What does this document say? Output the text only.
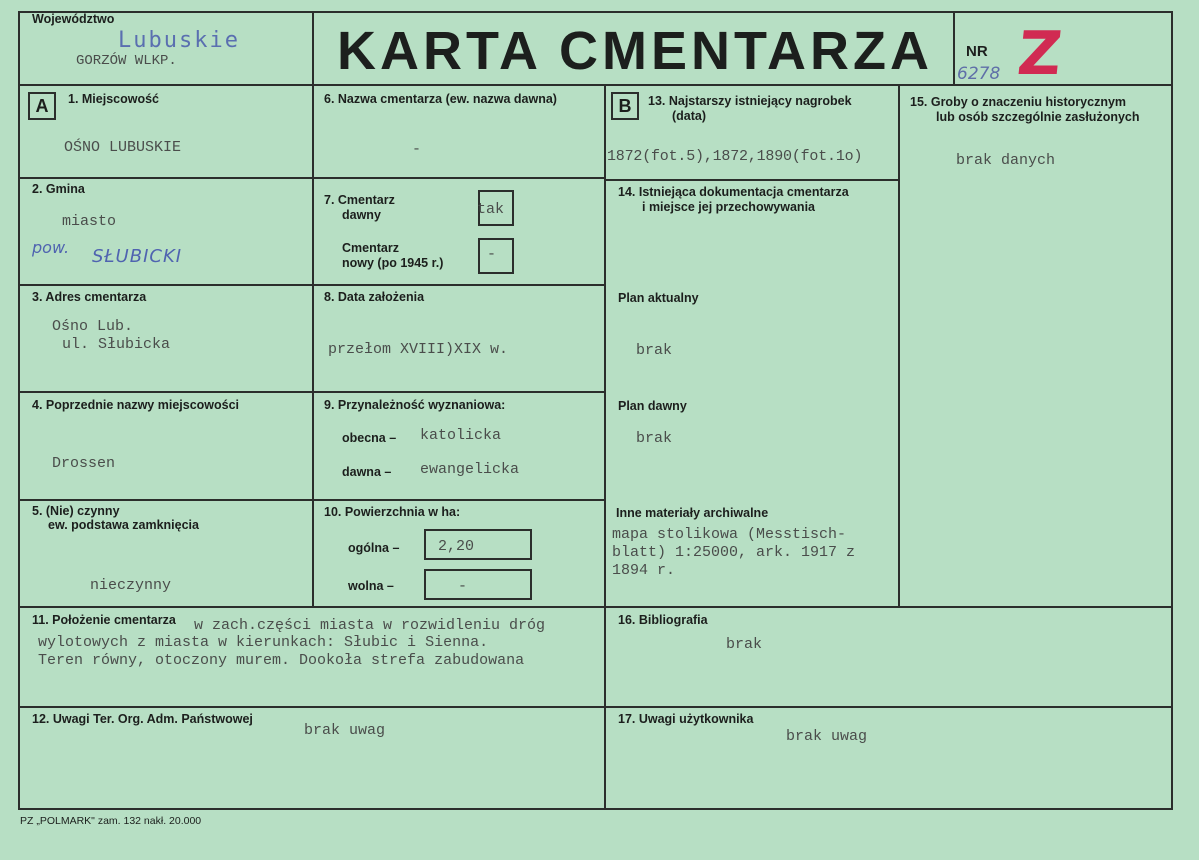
Województwo
Lubuskie
GORZÓW WLKP.	KARTA CMENTARZA	NR
6278 Z
A	B
1. Miejscowość
OŚNO LUBUSKIE
2. Gmina
miasto
pow. SŁUBICKI
3. Adres cmentarza
Ośno Lub.
ul. Słubicka
4. Poprzednie nazwy miejscowości
Drossen
5. (Nie) czynny
ew. podstawa zamknięcia
nieczynny
6. Nazwa cmentarza (ew. nazwa dawna)
-
7. Cmentarz
dawny	tak
Cmentarz
nowy (po 1945 r.)	-
8. Data założenia
przełom XVIII)XIX w.
9. Przynależność wyznaniowa:
obecna – katolicka
dawna – ewangelicka
10. Powierzchnia w ha:
ogólna –	2,20
wolna –	-
11. Położenie cmentarza w zach.części miasta w rozwidleniu dróg
wylotowych z miasta w kierunkach: Słubic i Sienna.
Teren równy, otoczony murem. Dookoła strefa zabudowana
12. Uwagi Ter. Org. Adm. Państwowej
brak uwag
13. Najstarszy istniejący nagrobek
(data)
1872(fot.5),1872,1890(fot.1o)
14. Istniejąca dokumentacja cmentarza
i miejsce jej przechowywania
Plan aktualny
brak
Plan dawny
brak
Inne materiały archiwalne
mapa stolikowa (Messtisch-
blatt) 1:25000, ark. 1917 z
1894 r.
15. Groby o znaczeniu historycznym
lub osób szczególnie zasłużonych
brak danych
16. Bibliografia
brak
17. Uwagi użytkownika
brak uwag
PZ „POLMARK" zam. 132 nakł. 20.000
